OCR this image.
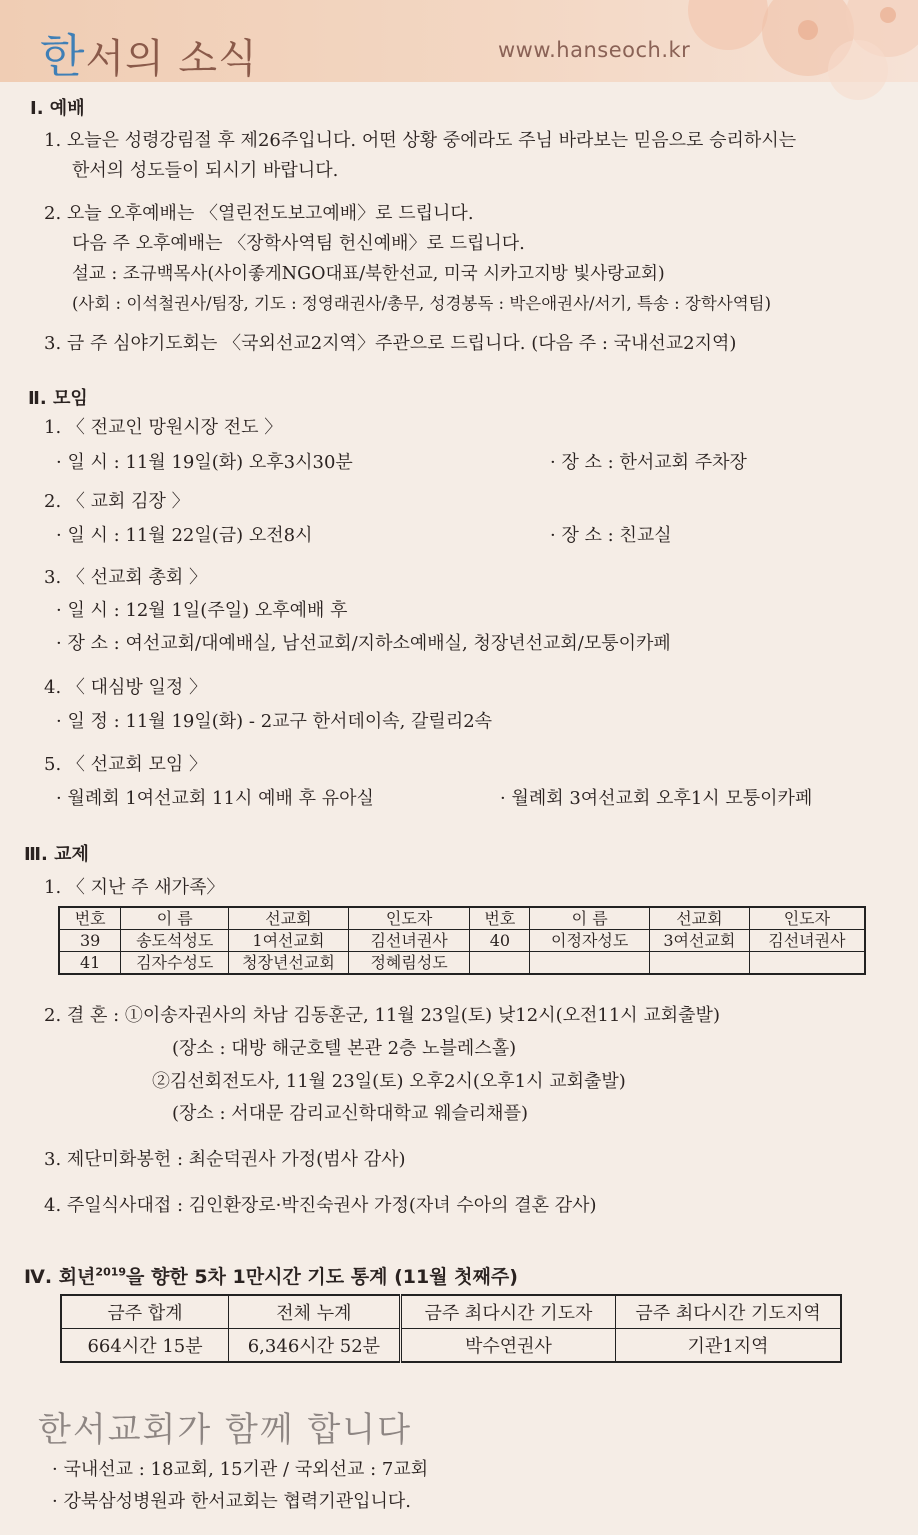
한서의 소식	www.hanseoch.kr
Ⅰ. 예배
1. 오늘은 성령강림절 후 제26주입니다. 어떤 상황 중에라도 주님 바라보는 믿음으로 승리하시는
한서의 성도들이 되시기 바랍니다.
2. 오늘 오후예배는 〈열린전도보고예배〉로 드립니다.
다음 주 오후예배는 〈장학사역팀 헌신예배〉로 드립니다.
설교 : 조규백목사(사이좋게NGO대표/북한선교, 미국 시카고지방 빛사랑교회)
(사회 : 이석철권사/팀장, 기도 : 정영래권사/총무, 성경봉독 : 박은애권사/서기, 특송 : 장학사역팀)
3. 금 주 심야기도회는 〈국외선교2지역〉주관으로 드립니다. (다음 주 : 국내선교2지역)
Ⅱ. 모임
1. 〈 전교인 망원시장 전도 〉
· 일 시 : 11월 19일(화) 오후3시30분	· 장 소 : 한서교회 주차장
2. 〈 교회 김장 〉
· 일 시 : 11월 22일(금) 오전8시	· 장 소 : 친교실
3. 〈 선교회 총회 〉
· 일 시 : 12월 1일(주일) 오후예배 후
· 장 소 : 여선교회/대예배실, 남선교회/지하소예배실, 청장년선교회/모퉁이카페
4. 〈 대심방 일정 〉
· 일 정 : 11월 19일(화) - 2교구 한서데이속, 갈릴리2속
5. 〈 선교회 모임 〉
· 월례회 1여선교회 11시 예배 후 유아실	· 월례회 3여선교회 오후1시 모퉁이카페
Ⅲ. 교제
1. 〈 지난 주 새가족〉
번호	이 름	선교회	인도자	번호	이 름	선교회	인도자
39	송도석성도	1여선교회	김선녀권사	40	이정자성도	3여선교회	김선녀권사
41	김자수성도	청장년선교회	정혜림성도				
2. 결 혼 : ①이송자권사의 차남 김동훈군, 11월 23일(토) 낮12시(오전11시 교회출발)
(장소 : 대방 해군호텔 본관 2층 노블레스홀)
②김선회전도사, 11월 23일(토) 오후2시(오후1시 교회출발)
(장소 : 서대문 감리교신학대학교 웨슬리채플)
3. 제단미화봉헌 : 최순덕권사 가정(범사 감사)
4. 주일식사대접 : 김인환장로·박진숙권사 가정(자녀 수아의 결혼 감사)
Ⅳ. 회년$^{2019}$을 향한 5차 1만시간 기도 통계 (11월 첫째주)
금주 합계	전체 누계	금주 최다시간 기도자	금주 최다시간 기도지역
664시간 15분	6,346시간 52분	박수연권사	기관1지역
한서교회가 함께 합니다
· 국내선교 : 18교회, 15기관 / 국외선교 : 7교회
· 강북삼성병원과 한서교회는 협력기관입니다.
